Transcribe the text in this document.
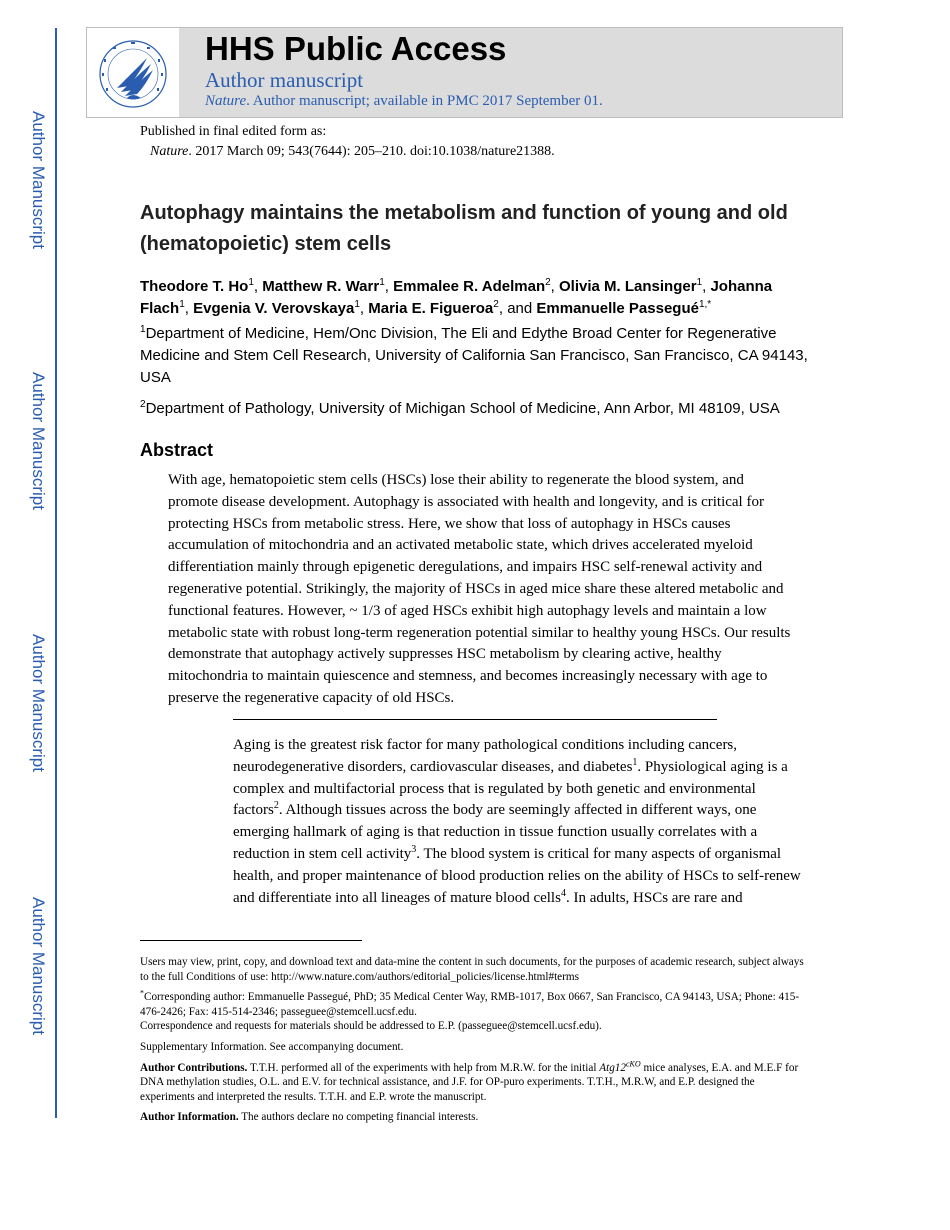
Author Manuscript
Author Manuscript
Author Manuscript
Author Manuscript
HHS Public Access
Author manuscript
Nature. Author manuscript; available in PMC 2017 September 01.
Published in final edited form as:
Nature. 2017 March 09; 543(7644): 205–210. doi:10.1038/nature21388.
Autophagy maintains the metabolism and function of young and old (hematopoietic) stem cells
Theodore T. Ho$^1$, Matthew R. Warr$^1$, Emmalee R. Adelman$^2$, Olivia M. Lansinger$^1$, Johanna Flach$^1$, Evgenia V. Verovskaya$^1$, Maria E. Figueroa$^2$, and Emmanuelle Passegué$^{1,*}$
$^1$Department of Medicine, Hem/Onc Division, The Eli and Edythe Broad Center for Regenerative Medicine and Stem Cell Research, University of California San Francisco, San Francisco, CA 94143, USA
$^2$Department of Pathology, University of Michigan School of Medicine, Ann Arbor, MI 48109, USA
Abstract
With age, hematopoietic stem cells (HSCs) lose their ability to regenerate the blood system, and promote disease development. Autophagy is associated with health and longevity, and is critical for protecting HSCs from metabolic stress. Here, we show that loss of autophagy in HSCs causes accumulation of mitochondria and an activated metabolic state, which drives accelerated myeloid differentiation mainly through epigenetic deregulations, and impairs HSC self-renewal activity and regenerative potential. Strikingly, the majority of HSCs in aged mice share these altered metabolic and functional features. However, ~ 1/3 of aged HSCs exhibit high autophagy levels and maintain a low metabolic state with robust long-term regeneration potential similar to healthy young HSCs. Our results demonstrate that autophagy actively suppresses HSC metabolism by clearing active, healthy mitochondria to maintain quiescence and stemness, and becomes increasingly necessary with age to preserve the regenerative capacity of old HSCs.
Aging is the greatest risk factor for many pathological conditions including cancers, neurodegenerative disorders, cardiovascular diseases, and diabetes$^1$. Physiological aging is a complex and multifactorial process that is regulated by both genetic and environmental factors$^2$. Although tissues across the body are seemingly affected in different ways, one emerging hallmark of aging is that reduction in tissue function usually correlates with a reduction in stem cell activity$^3$. The blood system is critical for many aspects of organismal health, and proper maintenance of blood production relies on the ability of HSCs to self-renew and differentiate into all lineages of mature blood cells$^4$. In adults, HSCs are rare and

Users may view, print, copy, and download text and data-mine the content in such documents, for the purposes of academic research, subject always to the full Conditions of use: http://www.nature.com/authors/editorial_policies/license.html#terms

*Corresponding author: Emmanuelle Passegué, PhD; 35 Medical Center Way, RMB-1017, Box 0667, San Francisco, CA 94143, USA; Phone: 415-476-2426; Fax: 415-514-2346; passeguee@stemcell.ucsf.edu.

Correspondence and requests for materials should be addressed to E.P. (passeguee@stemcell.ucsf.edu).

Supplementary Information. See accompanying document.

Author Contributions. T.T.H. performed all of the experiments with help from M.R.W. for the initial $Atg12^{cKO}$ mice analyses, E.A. and M.E.F for DNA methylation studies, O.L. and E.V. for technical assistance, and J.F. for OP-puro experiments. T.T.H., M.R.W, and E.P. designed the experiments and interpreted the results. T.T.H. and E.P. wrote the manuscript.

Author Information. The authors declare no competing financial interests.
